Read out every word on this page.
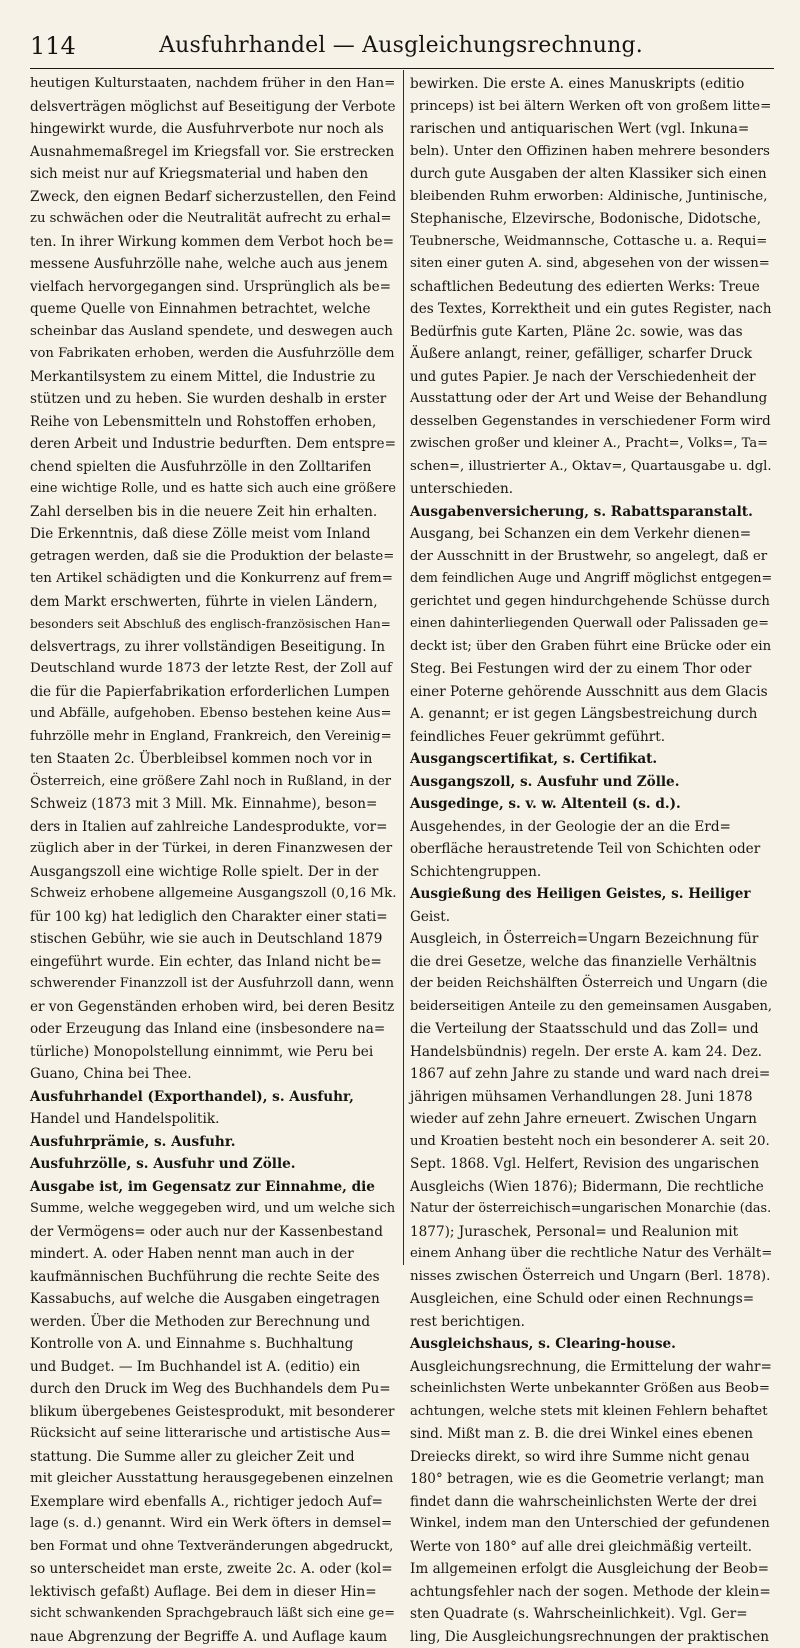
114	Ausfuhrhandel — Ausgleichungsrechnung.
heutigen Kulturstaaten, nachdem früher in den Han=
delsverträgen möglichst auf Beseitigung der Verbote
hingewirkt wurde, die Ausfuhrverbote nur noch als
Ausnahmemaßregel im Kriegsfall vor. Sie erstrecken
sich meist nur auf Kriegsmaterial und haben den
Zweck, den eignen Bedarf sicherzustellen, den Feind
zu schwächen oder die Neutralität aufrecht zu erhal=
ten. In ihrer Wirkung kommen dem Verbot hoch be=
messene Ausfuhrzölle nahe, welche auch aus jenem
vielfach hervorgegangen sind. Ursprünglich als be=
queme Quelle von Einnahmen betrachtet, welche
scheinbar das Ausland spendete, und deswegen auch
von Fabrikaten erhoben, werden die Ausfuhrzölle dem
Merkantilsystem zu einem Mittel, die Industrie zu
stützen und zu heben. Sie wurden deshalb in erster
Reihe von Lebensmitteln und Rohstoffen erhoben,
deren Arbeit und Industrie bedurften. Dem entspre=
chend spielten die Ausfuhrzölle in den Zolltarifen
eine wichtige Rolle, und es hatte sich auch eine größere
Zahl derselben bis in die neuere Zeit hin erhalten.
Die Erkenntnis, daß diese Zölle meist vom Inland
getragen werden, daß sie die Produktion der belaste=
ten Artikel schädigten und die Konkurrenz auf frem=
dem Markt erschwerten, führte in vielen Ländern,
besonders seit Abschluß des englisch-französischen Han=
delsvertrags, zu ihrer vollständigen Beseitigung. In
Deutschland wurde 1873 der letzte Rest, der Zoll auf
die für die Papierfabrikation erforderlichen Lumpen
und Abfälle, aufgehoben. Ebenso bestehen keine Aus=
fuhrzölle mehr in England, Frankreich, den Vereinig=
ten Staaten 2c. Überbleibsel kommen noch vor in
Österreich, eine größere Zahl noch in Rußland, in der
Schweiz (1873 mit 3 Mill. Mk. Einnahme), beson=
ders in Italien auf zahlreiche Landesprodukte, vor=
züglich aber in der Türkei, in deren Finanzwesen der
Ausgangszoll eine wichtige Rolle spielt. Der in der
Schweiz erhobene allgemeine Ausgangszoll (0,16 Mk.
für 100 kg) hat lediglich den Charakter einer stati=
stischen Gebühr, wie sie auch in Deutschland 1879
eingeführt wurde. Ein echter, das Inland nicht be=
schwerender Finanzzoll ist der Ausfuhrzoll dann, wenn
er von Gegenständen erhoben wird, bei deren Besitz
oder Erzeugung das Inland eine (insbesondere na=
türliche) Monopolstellung einnimmt, wie Peru bei
Guano, China bei Thee.
Ausfuhrhandel (Exporthandel), s. Ausfuhr,
Handel und Handelspolitik.
Ausfuhrprämie, s. Ausfuhr.
Ausfuhrzölle, s. Ausfuhr und Zölle.
Ausgabe ist, im Gegensatz zur Einnahme, die
Summe, welche weggegeben wird, und um welche sich
der Vermögens= oder auch nur der Kassenbestand
mindert. A. oder Haben nennt man auch in der
kaufmännischen Buchführung die rechte Seite des
Kassabuchs, auf welche die Ausgaben eingetragen
werden. Über die Methoden zur Berechnung und
Kontrolle von A. und Einnahme s. Buchhaltung
und Budget. — Im Buchhandel ist A. (editio) ein
durch den Druck im Weg des Buchhandels dem Pu=
blikum übergebenes Geistesprodukt, mit besonderer
Rücksicht auf seine litterarische und artistische Aus=
stattung. Die Summe aller zu gleicher Zeit und
mit gleicher Ausstattung herausgegebenen einzelnen
Exemplare wird ebenfalls A., richtiger jedoch Auf=
lage (s. d.) genannt. Wird ein Werk öfters in demsel=
ben Format und ohne Textveränderungen abgedruckt,
so unterscheidet man erste, zweite 2c. A. oder (kol=
lektivisch gefaßt) Auflage. Bei dem in dieser Hin=
sicht schwankenden Sprachgebrauch läßt sich eine ge=
naue Abgrenzung der Begriffe A. und Auflage kaum
bewirken. Die erste A. eines Manuskripts (editio
princeps) ist bei ältern Werken oft von großem litte=
rarischen und antiquarischen Wert (vgl. Inkuna=
beln). Unter den Offizinen haben mehrere besonders
durch gute Ausgaben der alten Klassiker sich einen
bleibenden Ruhm erworben: Aldinische, Juntinische,
Stephanische, Elzevirsche, Bodonische, Didotsche,
Teubnersche, Weidmannsche, Cottasche u. a. Requi=
siten einer guten A. sind, abgesehen von der wissen=
schaftlichen Bedeutung des edierten Werks: Treue
des Textes, Korrektheit und ein gutes Register, nach
Bedürfnis gute Karten, Pläne 2c. sowie, was das
Äußere anlangt, reiner, gefälliger, scharfer Druck
und gutes Papier. Je nach der Verschiedenheit der
Ausstattung oder der Art und Weise der Behandlung
desselben Gegenstandes in verschiedener Form wird
zwischen großer und kleiner A., Pracht=, Volks=, Ta=
schen=, illustrierter A., Oktav=, Quartausgabe u. dgl.
unterschieden.
Ausgabenversicherung, s. Rabattsparanstalt.
Ausgang, bei Schanzen ein dem Verkehr dienen=
der Ausschnitt in der Brustwehr, so angelegt, daß er
dem feindlichen Auge und Angriff möglichst entgegen=
gerichtet und gegen hindurchgehende Schüsse durch
einen dahinterliegenden Querwall oder Palissaden ge=
deckt ist; über den Graben führt eine Brücke oder ein
Steg. Bei Festungen wird der zu einem Thor oder
einer Poterne gehörende Ausschnitt aus dem Glacis
A. genannt; er ist gegen Längsbestreichung durch
feindliches Feuer gekrümmt geführt.
Ausgangscertifikat, s. Certifikat.
Ausgangszoll, s. Ausfuhr und Zölle.
Ausgedinge, s. v. w. Altenteil (s. d.).
Ausgehendes, in der Geologie der an die Erd=
oberfläche heraustretende Teil von Schichten oder
Schichtengruppen.
Ausgießung des Heiligen Geistes, s. Heiliger
Geist.
Ausgleich, in Österreich=Ungarn Bezeichnung für
die drei Gesetze, welche das finanzielle Verhältnis
der beiden Reichshälften Österreich und Ungarn (die
beiderseitigen Anteile zu den gemeinsamen Ausgaben,
die Verteilung der Staatsschuld und das Zoll= und
Handelsbündnis) regeln. Der erste A. kam 24. Dez.
1867 auf zehn Jahre zu stande und ward nach drei=
jährigen mühsamen Verhandlungen 28. Juni 1878
wieder auf zehn Jahre erneuert. Zwischen Ungarn
und Kroatien besteht noch ein besonderer A. seit 20.
Sept. 1868. Vgl. Helfert, Revision des ungarischen
Ausgleichs (Wien 1876); Bidermann, Die rechtliche
Natur der österreichisch=ungarischen Monarchie (das.
1877); Juraschek, Personal= und Realunion mit
einem Anhang über die rechtliche Natur des Verhält=
nisses zwischen Österreich und Ungarn (Berl. 1878).
Ausgleichen, eine Schuld oder einen Rechnungs=
rest berichtigen.
Ausgleichshaus, s. Clearing-house.
Ausgleichungsrechnung, die Ermittelung der wahr=
scheinlichsten Werte unbekannter Größen aus Beob=
achtungen, welche stets mit kleinen Fehlern behaftet
sind. Mißt man z. B. die drei Winkel eines ebenen
Dreiecks direkt, so wird ihre Summe nicht genau
180° betragen, wie es die Geometrie verlangt; man
findet dann die wahrscheinlichsten Werte der drei
Winkel, indem man den Unterschied der gefundenen
Werte von 180° auf alle drei gleichmäßig verteilt.
Im allgemeinen erfolgt die Ausgleichung der Beob=
achtungsfehler nach der sogen. Methode der klein=
sten Quadrate (s. Wahrscheinlichkeit). Vgl. Ger=
ling, Die Ausgleichungsrechnungen der praktischen
